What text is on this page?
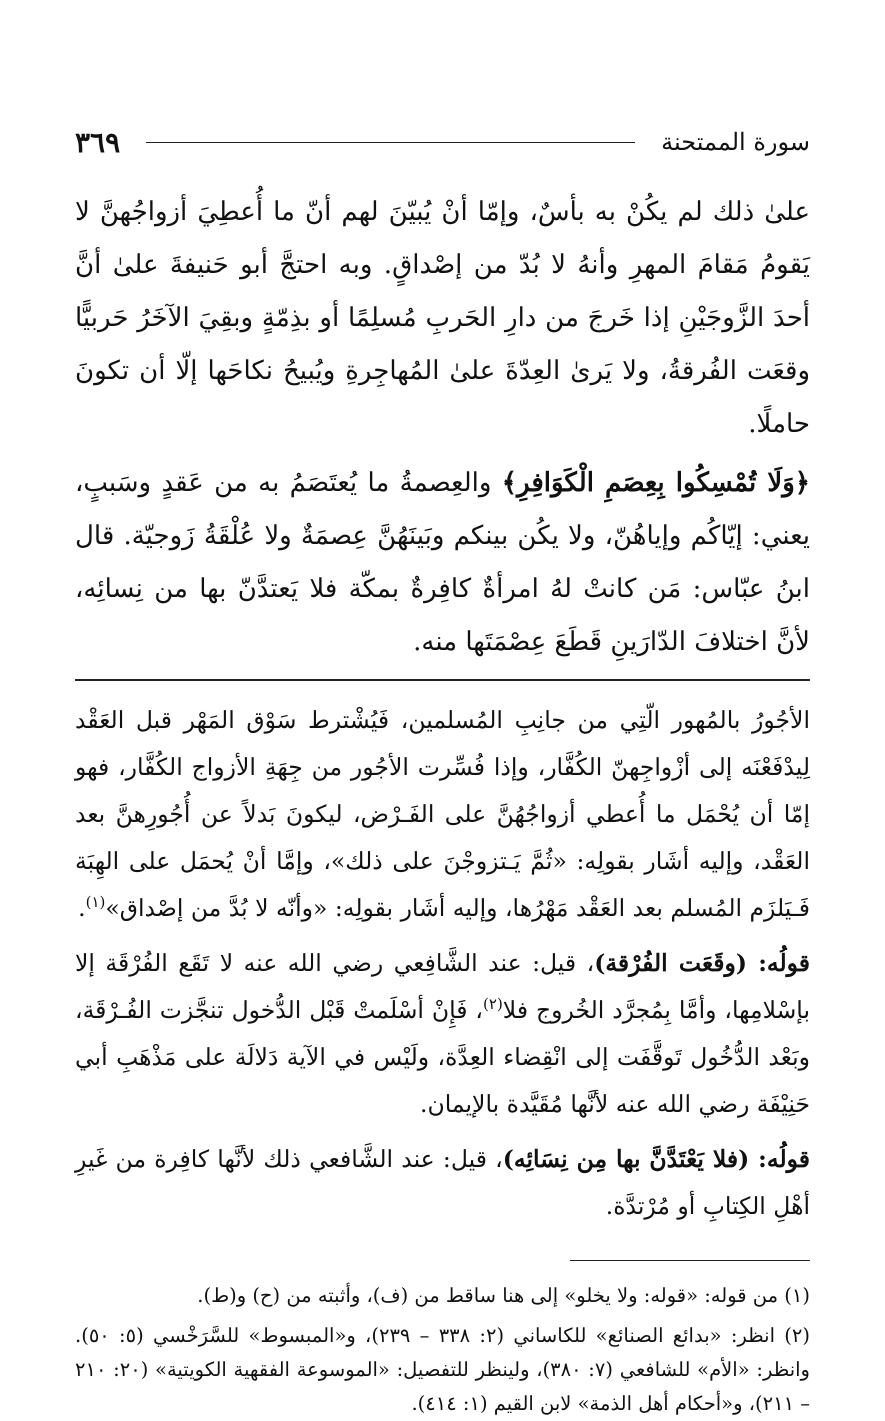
سورة الممتحنة
٣٦٩

علىٰ ذلك لم يكُنْ به بأسٌ، وإمّا أنْ يُبيّنَ لهم أنّ ما أُعطِيَ أزواجُهنَّ لا يَقومُ مَقامَ المهرِ وأنهُ لا بُدّ من إصْداقٍ. وبه احتجَّ أبو حَنيفةَ علىٰ أنَّ أحدَ الزَّوجَيْنِ إذا خَرجَ من دارِ الحَربِ مُسلِمًا أو بذِمّةٍ وبقِيَ الآخَرُ حَربيًّا وقعَت الفُرقةُ، ولا يَرىٰ العِدّةَ علىٰ المُهاجِرةِ ويُبيحُ نكاحَها إلّا أن تكونَ حاملًا.

﴿وَلَا تُمْسِكُوا بِعِصَمِ الْكَوَافِرِ﴾ والعِصمةُ ما يُعتَصَمُ به من عَقدٍ وسَببٍ، يعني: إيّاكُم وإياهُنّ، ولا يكُن بينكم وبَينَهُنَّ عِصمَةٌ ولا عُلْقَةُ زَوجيّة. قال ابنُ عبّاس: مَن كانتْ لهُ امرأةٌ كافِرةٌ بمكّة فلا يَعتدَّنّ بها من نِسائِه، لأنَّ اختلافَ الدّارَينِ قَطَعَ عِصْمَتَها منه.

الأجُورُ بالمُهور الّتِي من جانِبِ المُسلمين، فَيُشْترط سَوْق المَهْر قبل العَقْد لِيدْفَعْنَه إلى أزْواجِهنّ الكُفَّار، وإذا فُسِّرت الأجُور من جِهَةِ الأزواج الكُفَّار، فهو إمّا أن يُحْمَل ما أُعطي أزواجُهُنَّ على الفَـرْض، ليكونَ بَدلاً عن أُجُورِهنَّ بعد العَقْد، وإليه أشَار بقولِه: «ثُمَّ يَـتزوجْنَ على ذلك»، وإمَّا أنْ يُحمَل على الهِبَة فَـيَلزَم المُسلم بعد العَقْد مَهْرُها، وإليه أشَار بقولِه: «وأنّه لا بُدَّ من إصْداق»$^{(١)}$.

قولُه: (وقَعَت الفُرْقة)، قيل: عند الشَّافِعي رضي الله عنه لا تَقَع الفُرْقَة إلا بإسْلامِها، وأمَّا بِمُجرَّد الخُروج فلا$^{(٢)}$، فَإِنْ أسْلَمتْ قَبْل الدُّخول تنجَّزت الفُـرْقَة، وبَعْد الدُّخُول تَوقَّفَت إلى انْقِضاء العِدَّة، ولَيْس في الآية دَلالَة على مَذْهَبِ أبي حَنِيْفَة رضي الله عنه لأنَّها مُقَيَّدة بالإيمان.

قولُه: (فلا يَعْتَدَّنَّ بها مِن نِسَائِه)، قيل: عند الشَّافعي ذلك لأنَّها كافِرة من غَيرِ أهْلِ الكِتابِ أو مُرْتدَّة.

(١) من قوله: «قوله: ولا يخلو» إلى هنا ساقط من (ف)، وأثبته من (ح) و(ط).

(٢) انظر: «بدائع الصنائع» للكاساني (٢: ٣٣٨ – ٢٣٩)، و«المبسوط» للسَّرَخْسي (٥: ٥٠). وانظر: «الأم» للشافعي (٧: ٣٨٠)، ولينظر للتفصيل: «الموسوعة الفقهية الكويتية» (٢٠: ٢١٠ – ٢١١)، و«أحكام أهل الذمة» لابن القيم (١: ٤١٤).
